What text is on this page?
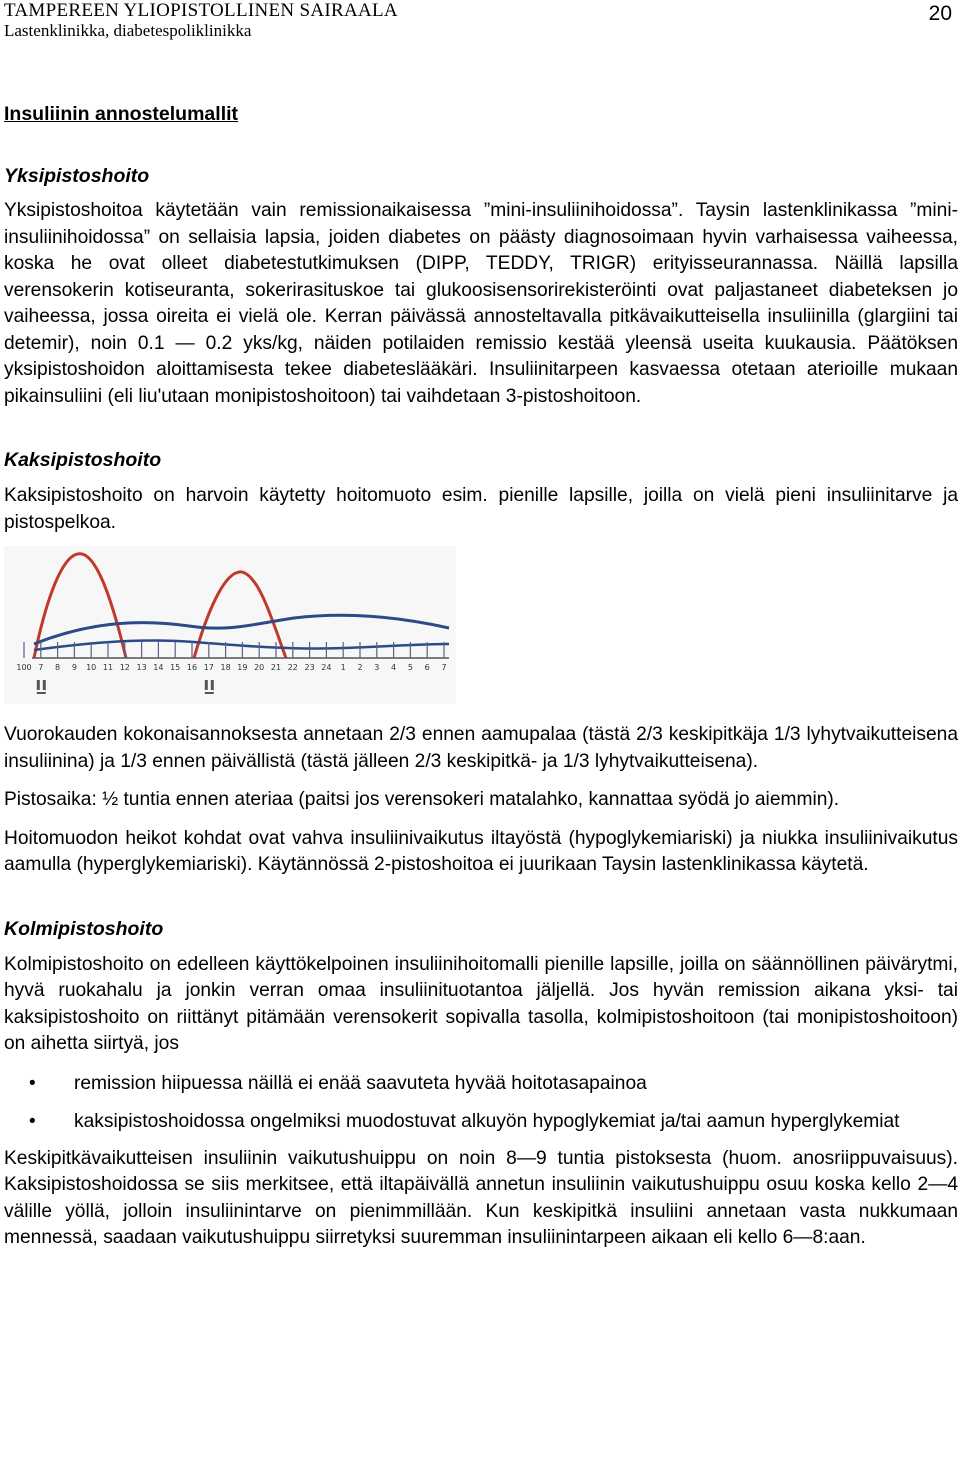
TAMPEREEN YLIOPISTOLLINEN SAIRAALA
Lastenklinikka, diabetespoliklinikka
20

Insuliinin annostelumallit

Yksipistoshoito

Yksipistoshoitoa käytetään vain remissionaikaisessa ”mini-insuliinihoidossa”. Taysin lastenklinikassa ”mini-insuliinihoidossa” on sellaisia lapsia, joiden diabetes on päästy diagnosoimaan hyvin varhaisessa vaiheessa, koska he ovat olleet diabetestutkimuksen (DIPP, TEDDY, TRIGR) erityisseurannassa. Näillä lapsilla verensokerin kotiseuranta, sokerirasituskoe tai glukoosisensorirekisteröinti ovat paljastaneet diabeteksen jo vaiheessa, jossa oireita ei vielä ole. Kerran päivässä annosteltavalla pitkävaikutteisella insuliinilla (glargiini tai detemir), noin 0.1 — 0.2 yks/kg, näiden potilaiden remissio kestää yleensä useita kuukausia. Päätöksen yksipistoshoidon aloittamisesta tekee diabeteslääkäri. Insuliinitarpeen kasvaessa otetaan aterioille mukaan pikainsuliini (eli liu'utaan monipistoshoitoon) tai vaihdetaan 3-pistoshoitoon.

Kaksipistoshoito

Kaksipistoshoito on harvoin käytetty hoitomuoto esim. pienille lapsille, joilla on vielä pieni insuliinitarve ja pistospelkoa.

100 7 8 9 10 11 12 13 14 15 16 17 18 19 20 21 22 23 24 1 2 3 4 5 6 7

Vuorokauden kokonaisannoksesta annetaan 2/3 ennen aamupalaa (tästä 2/3 keskipitkäja 1/3 lyhytvaikutteisena insuliinina) ja 1/3 ennen päivällistä (tästä jälleen 2/3 keskipitkä- ja 1/3 lyhytvaikutteisena).

Pistosaika: ½ tuntia ennen ateriaa (paitsi jos verensokeri matalahko, kannattaa syödä jo aiemmin).

Hoitomuodon heikot kohdat ovat vahva insuliinivaikutus iltayöstä (hypoglykemiariski) ja niukka insuliinivaikutus aamulla (hyperglykemiariski). Käytännössä 2-pistoshoitoa ei juurikaan Taysin lastenklinikassa käytetä.

Kolmipistoshoito

Kolmipistoshoito on edelleen käyttökelpoinen insuliinihoitomalli pienille lapsille, joilla on säännöllinen päivärytmi, hyvä ruokahalu ja jonkin verran omaa insuliinituotantoa jäljellä. Jos hyvän remission aikana yksi- tai kaksipistoshoito on riittänyt pitämään verensokerit sopivalla tasolla, kolmipistoshoitoon (tai monipistoshoitoon) on aihetta siirtyä, jos

• remission hiipuessa näillä ei enää saavuteta hyvää hoitotasapainoa
• kaksipistoshoidossa ongelmiksi muodostuvat alkuyön hypoglykemiat ja/tai aamun hyperglykemiat

Keskipitkävaikutteisen insuliinin vaikutushuippu on noin 8—9 tuntia pistoksesta (huom. anosriippuvaisuus). Kaksipistoshoidossa se siis merkitsee, että iltapäivällä annetun insuliinin vaikutushuippu osuu koska kello 2—4 välille yöllä, jolloin insuliinintarve on pienimmillään. Kun keskipitkä insuliini annetaan vasta nukkumaan mennessä, saadaan vaikutushuippu siirretyksi suuremman insuliinintarpeen aikaan eli kello 6—8:aan.
